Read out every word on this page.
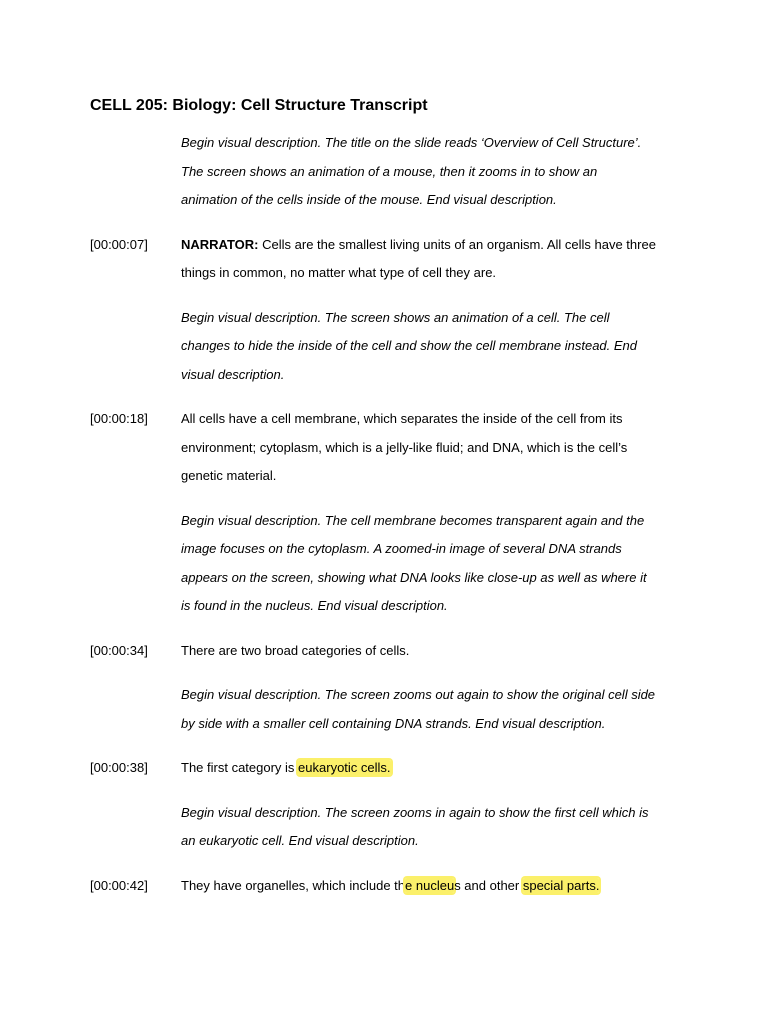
CELL 205: Biology: Cell Structure Transcript
Begin visual description. The title on the slide reads ‘Overview of Cell Structure’.
The screen shows an animation of a mouse, then it zooms in to show an
animation of the cells inside of the mouse. End visual description.
[00:00:07]	NARRATOR: Cells are the smallest living units of an organism. All cells have three
things in common, no matter what type of cell they are.
Begin visual description. The screen shows an animation of a cell. The cell
changes to hide the inside of the cell and show the cell membrane instead. End
visual description.
[00:00:18]	All cells have a cell membrane, which separates the inside of the cell from its
environment; cytoplasm, which is a jelly-like fluid; and DNA, which is the cell’s
genetic material.
Begin visual description. The cell membrane becomes transparent again and the
image focuses on the cytoplasm. A zoomed-in image of several DNA strands
appears on the screen, showing what DNA looks like close-up as well as where it
is found in the nucleus. End visual description.
[00:00:34]	There are two broad categories of cells.
Begin visual description. The screen zooms out again to show the original cell side
by side with a smaller cell containing DNA strands. End visual description.
[00:00:38]	The first category is eukaryotic cells.
Begin visual description. The screen zooms in again to show the first cell which is
an eukaryotic cell. End visual description.
[00:00:42]	They have organelles, which include the nucleus and other special parts.
